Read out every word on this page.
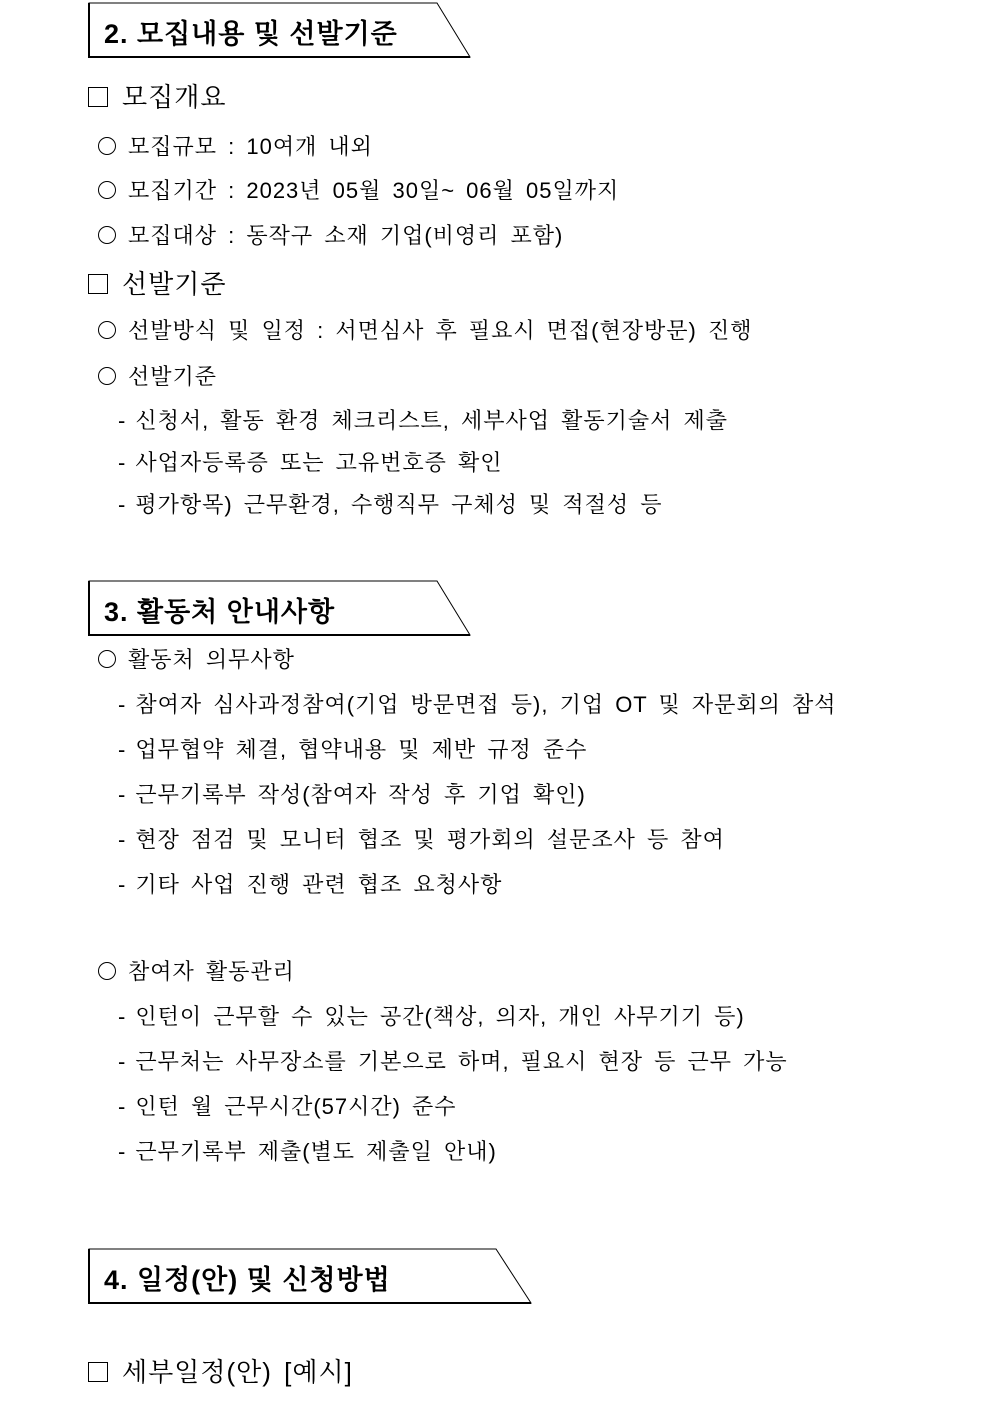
2. 모집내용 및 선발기준
모집개요
모집규모 : 10여개 내외
모집기간 : 2023년 05월 30일~ 06월 05일까지
모집대상 : 동작구 소재 기업(비영리 포함)
선발기준
선발방식 및 일정 : 서면심사 후 필요시 면접(현장방문) 진행
선발기준
- 신청서, 활동 환경 체크리스트, 세부사업 활동기술서 제출
- 사업자등록증 또는 고유번호증 확인
- 평가항목) 근무환경, 수행직무 구체성 및 적절성 등
3. 활동처 안내사항
활동처 의무사항
- 참여자 심사과정참여(기업 방문면접 등), 기업 OT 및 자문회의 참석
- 업무협약 체결, 협약내용 및 제반 규정 준수
- 근무기록부 작성(참여자 작성 후 기업 확인)
- 현장 점검 및 모니터 협조 및 평가회의 설문조사 등 참여
- 기타 사업 진행 관련 협조 요청사항
참여자 활동관리
- 인턴이 근무할 수 있는 공간(책상, 의자, 개인 사무기기 등)
- 근무처는 사무장소를 기본으로 하며, 필요시 현장 등 근무 가능
- 인턴 월 근무시간(57시간) 준수
- 근무기록부 제출(별도 제출일 안내)
4. 일정(안) 및 신청방법
세부일정(안) [예시]
